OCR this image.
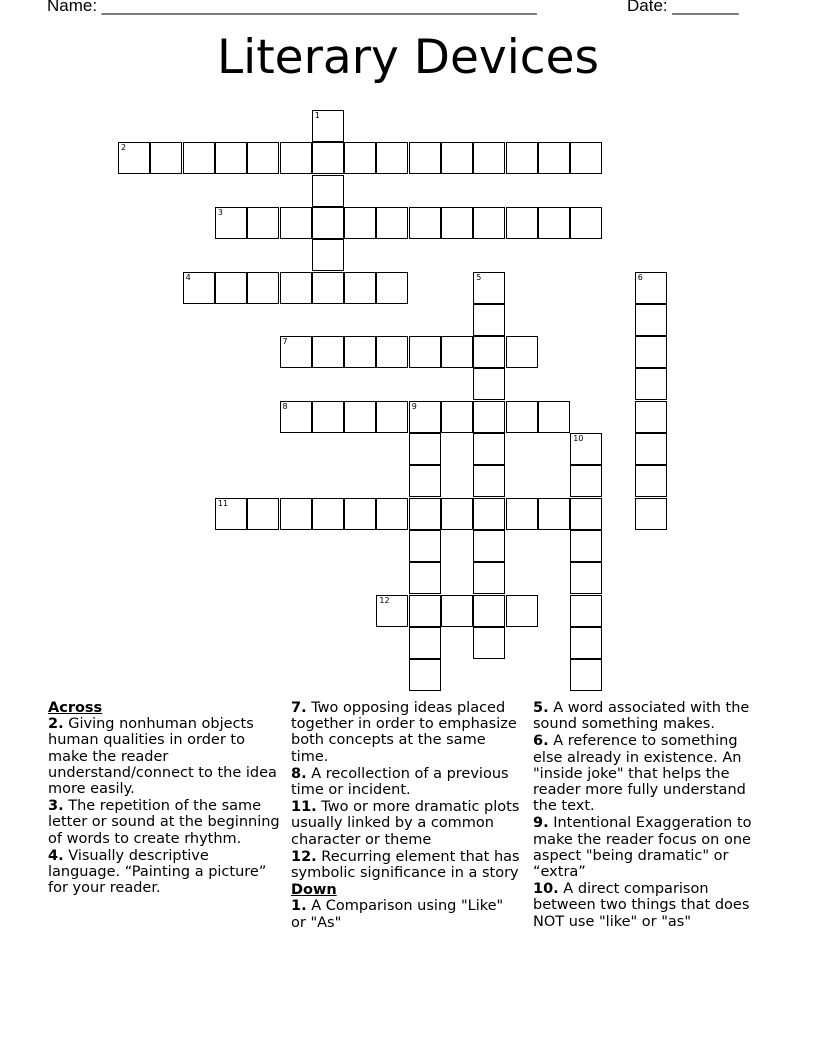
Name: ______________________________________________	Date: _______
Literary Devices
1
2
3
4	5	6
7
8	9
10
11
12
Across
2. Giving nonhuman objects human qualities in order to make the reader understand/connect to the idea more easily.
3. The repetition of the same letter or sound at the beginning of words to create rhythm.
4. Visually descriptive language. “Painting a picture” for your reader.
7. Two opposing ideas placed together in order to emphasize both concepts at the same time.
8. A recollection of a previous time or incident.
11. Two or more dramatic plots usually linked by a common character or theme
12. Recurring element that has symbolic significance in a story
Down
1. A Comparison using "Like" or "As"
5. A word associated with the sound something makes.
6. A reference to something else already in existence. An "inside joke" that helps the reader more fully understand the text.
9. Intentional Exaggeration to make the reader focus on one aspect "being dramatic" or “extra”
10. A direct comparison between two things that does NOT use "like" or "as"
